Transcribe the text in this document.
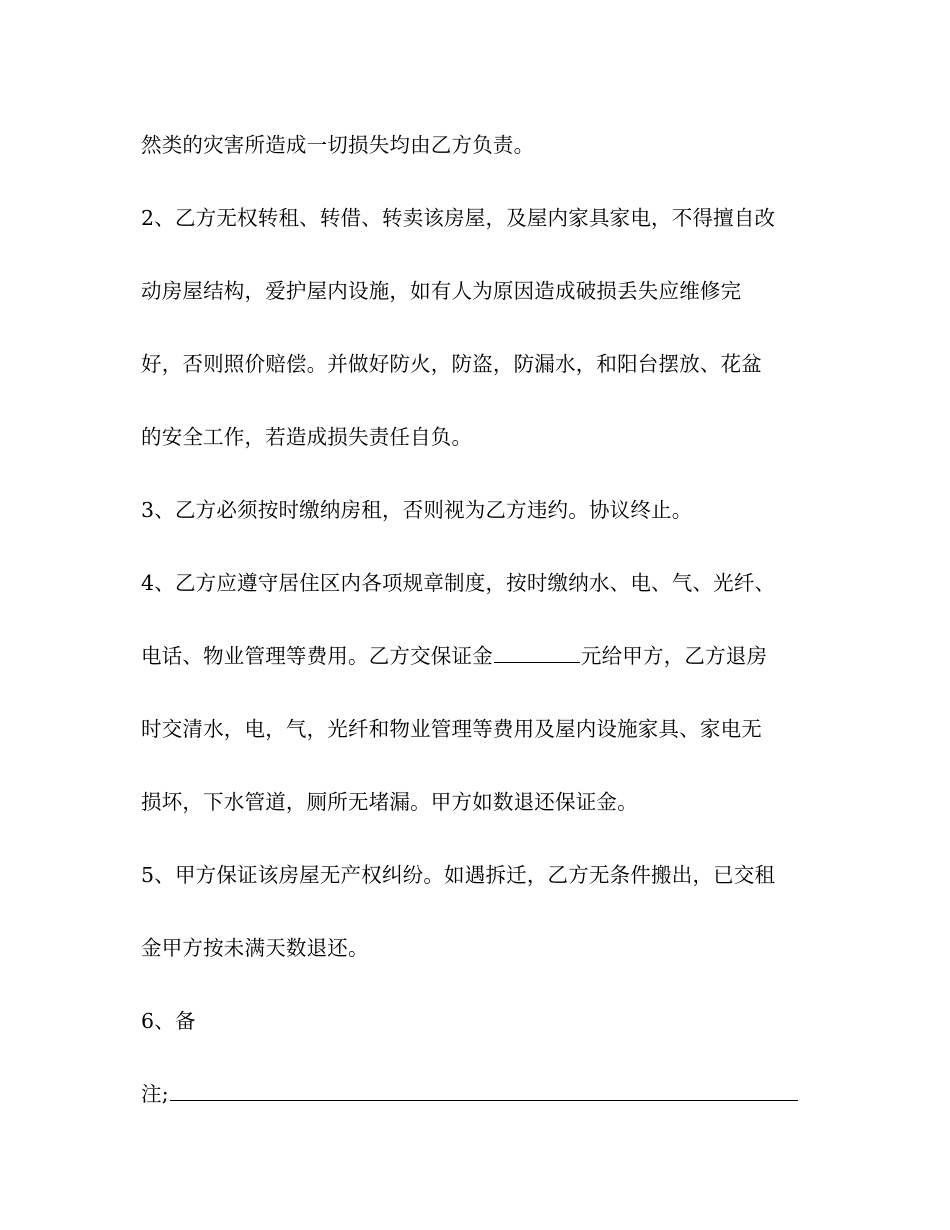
然类的灾害所造成一切损失均由乙方负责。
2、乙方无权转租、转借、转卖该房屋，及屋内家具家电，不得擅自改
动房屋结构，爱护屋内设施，如有人为原因造成破损丢失应维修完
好，否则照价赔偿。并做好防火，防盗，防漏水，和阳台摆放、花盆
的安全工作，若造成损失责任自负。
3、乙方必须按时缴纳房租，否则视为乙方违约。协议终止。
4、乙方应遵守居住区内各项规章制度，按时缴纳水、电、气、光纤、
电话、物业管理等费用。乙方交保证金	元给甲方，乙方退房
时交清水，电，气，光纤和物业管理等费用及屋内设施家具、家电无
损坏，下水管道，厕所无堵漏。甲方如数退还保证金。
5、甲方保证该房屋无产权纠纷。如遇拆迁，乙方无条件搬出，已交租
金甲方按未满天数退还。
6、备
注;
